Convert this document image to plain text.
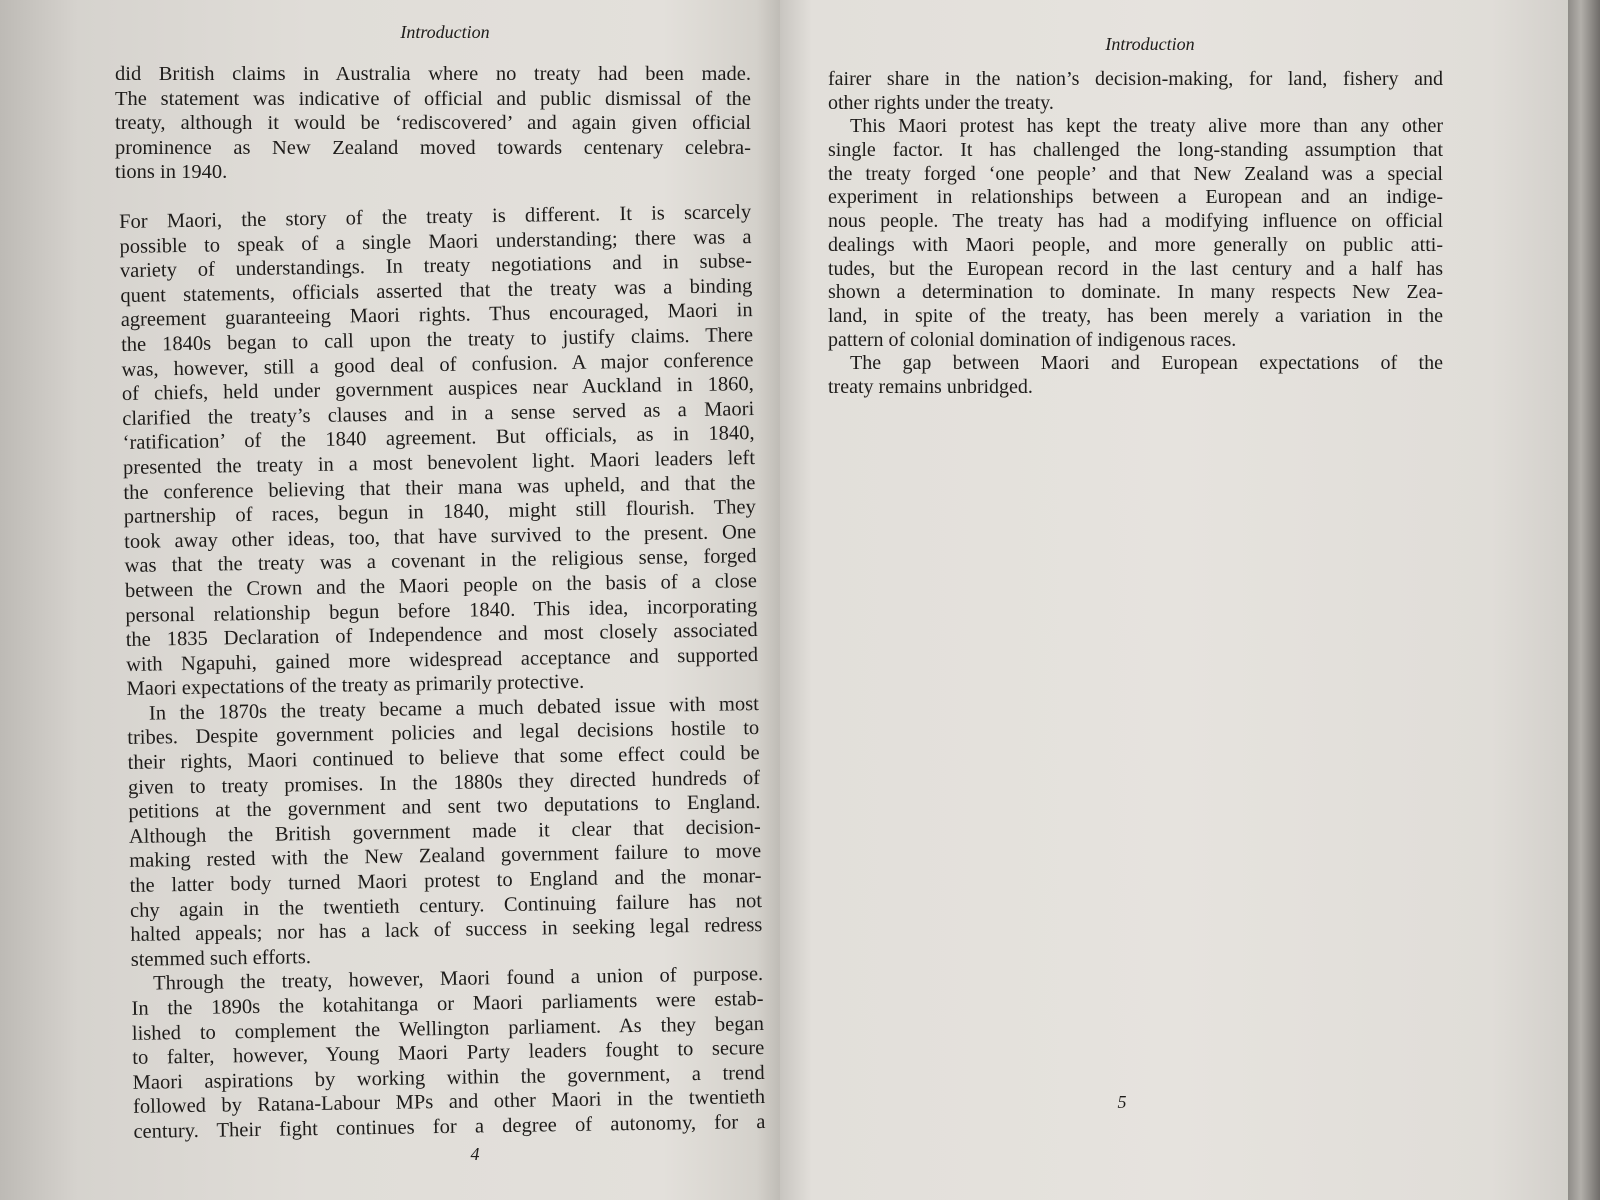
Introduction
did British claims in Australia where no treaty had been made.
The statement was indicative of official and public dismissal of the
treaty, although it would be ‘rediscovered’ and again given official
prominence as New Zealand moved towards centenary celebra-
tions in 1940.
For Maori, the story of the treaty is different. It is scarcely
possible to speak of a single Maori understanding; there was a
variety of understandings. In treaty negotiations and in subse-
quent statements, officials asserted that the treaty was a binding
agreement guaranteeing Maori rights. Thus encouraged, Maori in
the 1840s began to call upon the treaty to justify claims. There
was, however, still a good deal of confusion. A major conference
of chiefs, held under government auspices near Auckland in 1860,
clarified the treaty’s clauses and in a sense served as a Maori
‘ratification’ of the 1840 agreement. But officials, as in 1840,
presented the treaty in a most benevolent light. Maori leaders left
the conference believing that their mana was upheld, and that the
partnership of races, begun in 1840, might still flourish. They
took away other ideas, too, that have survived to the present. One
was that the treaty was a covenant in the religious sense, forged
between the Crown and the Maori people on the basis of a close
personal relationship begun before 1840. This idea, incorporating
the 1835 Declaration of Independence and most closely associated
with Ngapuhi, gained more widespread acceptance and supported
Maori expectations of the treaty as primarily protective.
In the 1870s the treaty became a much debated issue with most
tribes. Despite government policies and legal decisions hostile to
their rights, Maori continued to believe that some effect could be
given to treaty promises. In the 1880s they directed hundreds of
petitions at the government and sent two deputations to England.
Although the British government made it clear that decision-
making rested with the New Zealand government failure to move
the latter body turned Maori protest to England and the monar-
chy again in the twentieth century. Continuing failure has not
halted appeals; nor has a lack of success in seeking legal redress
stemmed such efforts.
Through the treaty, however, Maori found a union of purpose.
In the 1890s the kotahitanga or Maori parliaments were estab-
lished to complement the Wellington parliament. As they began
to falter, however, Young Maori Party leaders fought to secure
Maori aspirations by working within the government, a trend
followed by Ratana-Labour MPs and other Maori in the twentieth
century. Their fight continues for a degree of autonomy, for a
4
Introduction
fairer share in the nation’s decision-making, for land, fishery and
other rights under the treaty.
This Maori protest has kept the treaty alive more than any other
single factor. It has challenged the long-standing assumption that
the treaty forged ‘one people’ and that New Zealand was a special
experiment in relationships between a European and an indige-
nous people. The treaty has had a modifying influence on official
dealings with Maori people, and more generally on public atti-
tudes, but the European record in the last century and a half has
shown a determination to dominate. In many respects New Zea-
land, in spite of the treaty, has been merely a variation in the
pattern of colonial domination of indigenous races.
The gap between Maori and European expectations of the
treaty remains unbridged.
5
